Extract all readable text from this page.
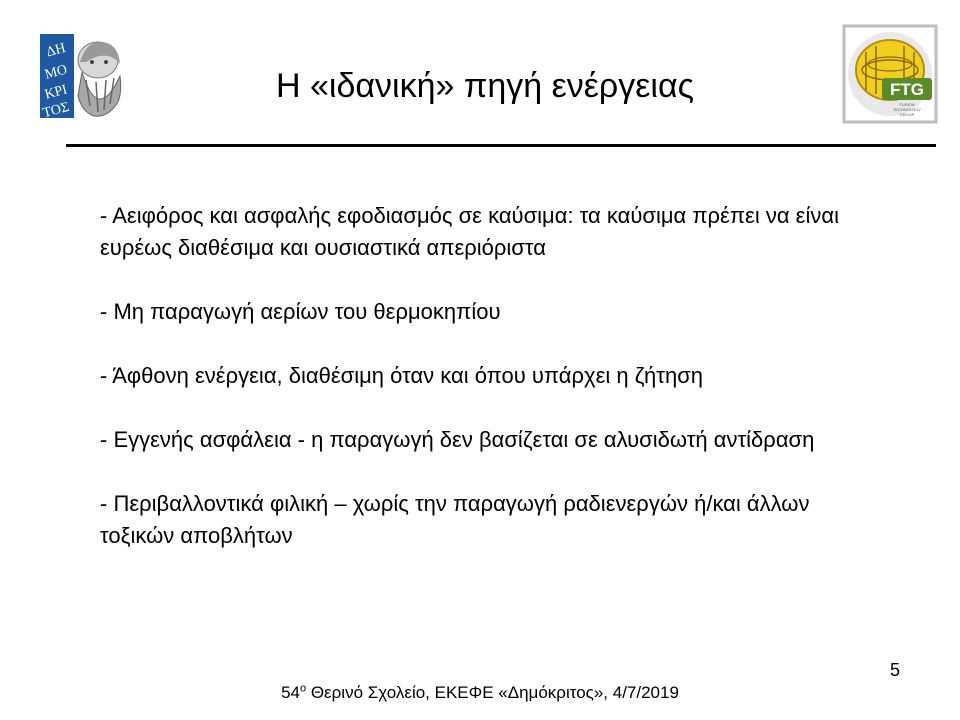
ΔΗ
ΜΟ
ΚΡΙ
ΤΟΣ
FTG
FUSION
TECHNOLOGY
GROUP
Η «ιδανική» πηγή ενέργειας
- Αειφόρος και ασφαλής εφοδιασμός σε καύσιμα: τα καύσιμα πρέπει να είναι ευρέως διαθέσιμα και ουσιαστικά απεριόριστα
- Μη παραγωγή αερίων του θερμοκηπίου
- Άφθονη ενέργεια, διαθέσιμη όταν και όπου υπάρχει η ζήτηση
- Εγγενής ασφάλεια - η παραγωγή δεν βασίζεται σε αλυσιδωτή αντίδραση
- Περιβαλλοντικά φιλική – χωρίς την παραγωγή ραδιενεργών ή/και άλλων τοξικών αποβλήτων
5
$54^o$ Θερινό Σχολείο, ΕΚΕΦΕ «Δημόκριτος», 4/7/2019
